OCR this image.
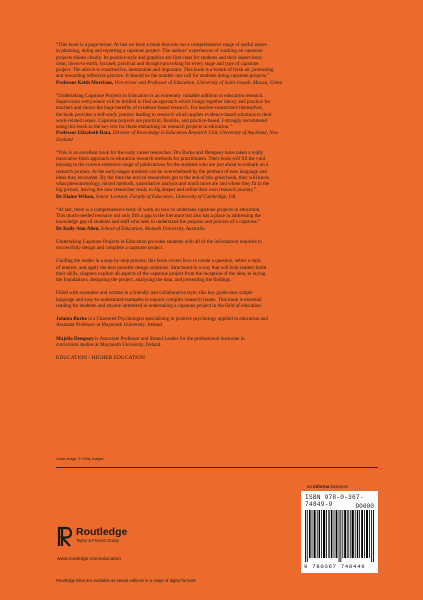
“This book is a page-turner. At last we have a book that sets out a comprehensive range of useful issues

in planning, doing and reporting a capstone project. The authors’ experiences of working on capstone

projects shines clearly. Its positive style and graphics are first class for students and their supervisors:

clear, down-to-earth, focused, practical and thought-provoking for every stage and type of capstone

project. The advice is constructive, memorable and important. This book is a breath of fresh air, promoting

and rewarding reflective practice. It should be the number one call for students doing capstone projects.”

Professor Keith Morrison, Vice-rector and Professor of Education, University of Saint Joseph, Macau, China

“Undertaking Capstone Projects in Education is an extremely valuable addition to education research.

Supervisors everywhere will be thrilled to find an approach which brings together theory and practice for

teachers and shows the huge benefits of evidence-based research. For teacher-researchers themselves,

the book provides a self-study journey leading to research which applies evidence-based solutions to their

work-related issues. Capstone projects are practical, flexible, and practice-based. I strongly recommend

using this book as the key text for those embarking on research projects in education.”

Professor Elizabeth Rata, Director of Knowledge in Education Research Unit, University of Auckland, New

Zealand

“This is an excellent book for the early career researcher. Drs Burke and Dempsey have taken a really

innovative fresh approach to education research methods for practitioners. Their book will fill the void

missing in the current extensive range of publications for the students who are just about to embark on a

research journey. At the early-stages students can be overwhelmed by the plethora of new language and

ideas they encounter. By the time the novice researchers get to the end of this great book, they will know

what phenomenology, mixed methods, quantitative analysis and much more are and where they fit in the

big picture, leaving the new researcher ready to dig deeper and refine their own research journey.”

Dr Elaine Wilson, Senior Lecturer, Faculty of Education, University of Cambridge, UK

“At last, there is a comprehensive body of work on how to undertake capstone projects in education.

This much-needed resource not only fills a gap in the literature but also has a place in addressing the

knowledge gap of students and staff who seek to understand the purpose and process of a capstone.”

Dr Kelly-Ann Allen, School of Education, Monash University, Australia

Undertaking Capstone Projects in Education provides students with all of the information required to

successfully design and complete a capstone project.

Guiding the reader in a step-by-step process, this book covers how to create a question, select a topic

of interest, and apply the best possible design solutions. Structured in a way that will help readers build

their skills, chapters explore all aspects of the capstone project from the inception of the idea, to laying

the foundations, designing the project, analysing the data, and presenting the findings.

Filled with examples and written in a friendly and collaborative style, this key guide uses simple

language and easy-to-understand examples to unpack complex research issues. This book is essential

reading for students and anyone interested in undertaking a capstone project in the field of education.

Jolanta Burke is a Chartered Psychologist specialising in positive psychology applied in education and

Assistant Professor at Maynooth University, Ireland.

Majella Dempsey is Associate Professor and Strand Leader for the professional doctorate in

curriculum studies at Maynooth University, Ireland.

EDUCATION / HIGHER EDUCATION

Cover image: © Getty Images
an informa business
ISBN 978-0-367-74849-9	90000
9 780367 748449
Routledge
Taylor & Francis Group
www.routledge.com/education
Routledge titles are available as eBook editions in a range of digital formats
